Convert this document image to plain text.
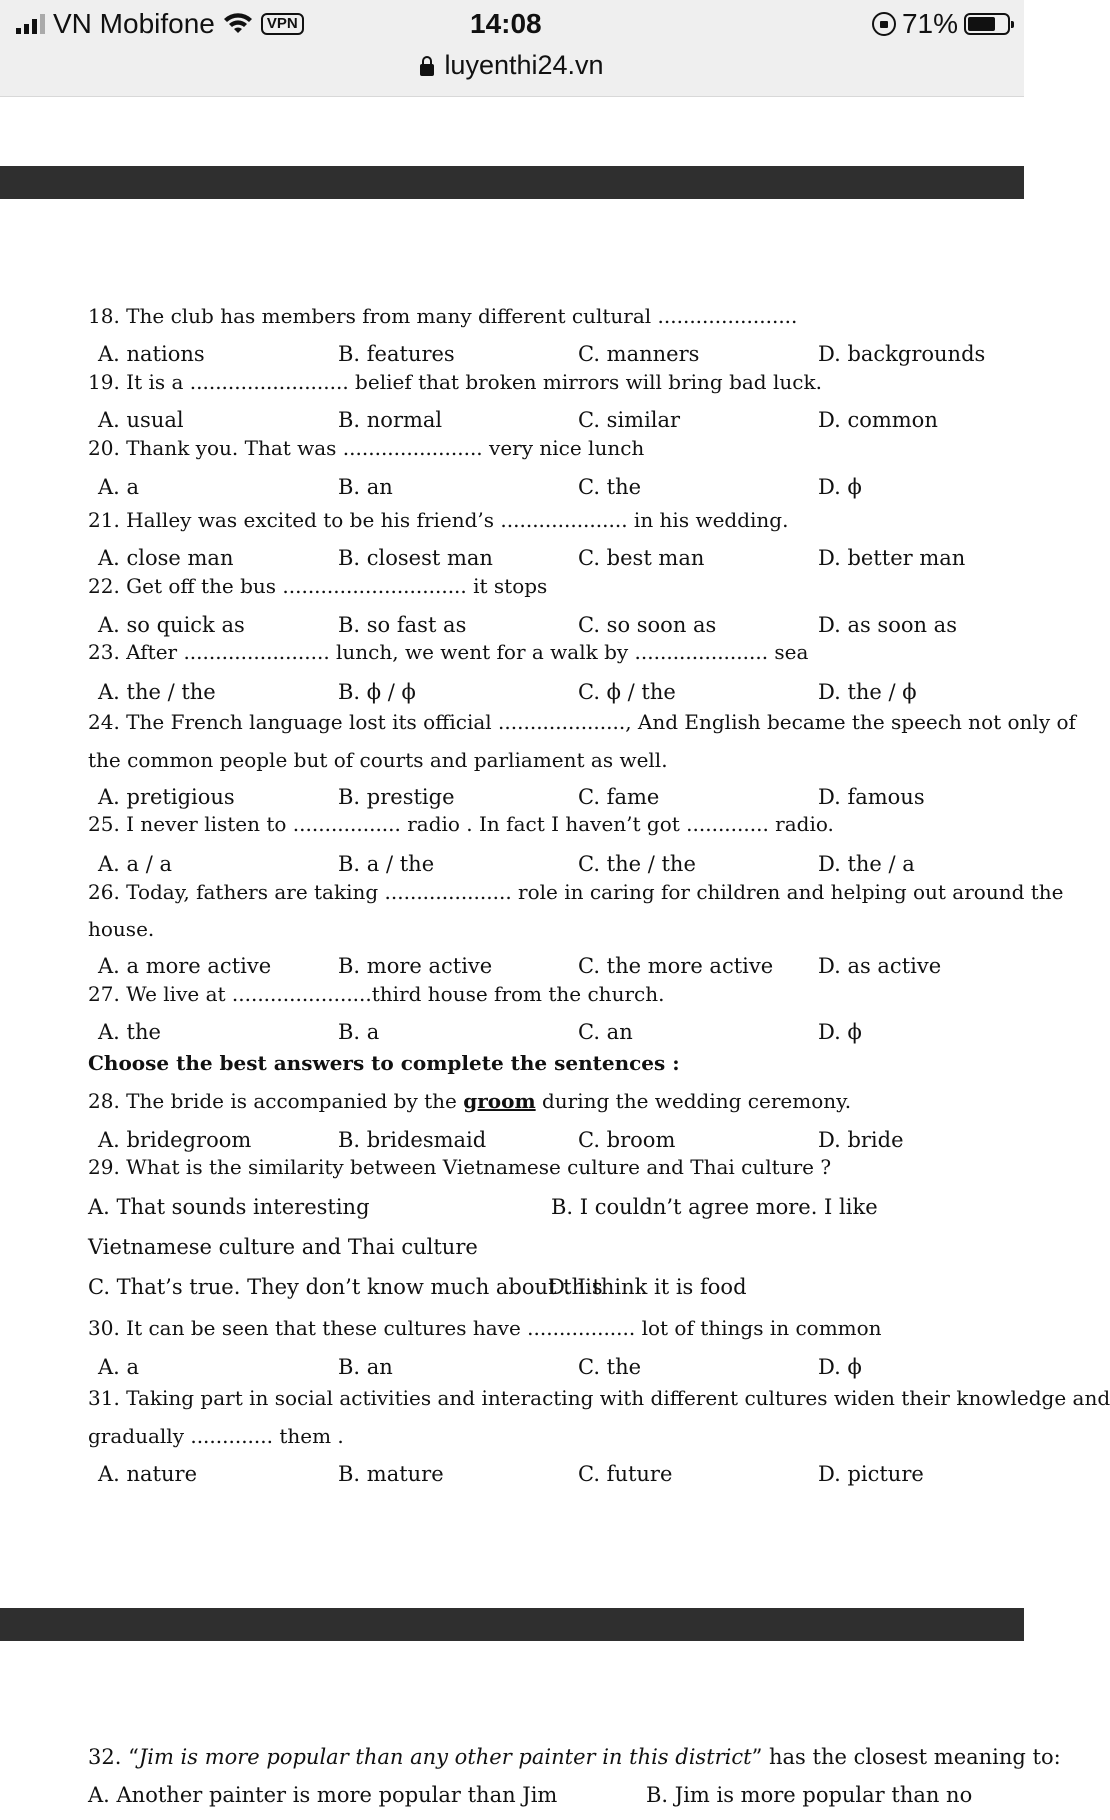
VN Mobifone	VPN	14:08	71%
luyenthi24.vn
18. The club has members from many different cultural ......................
A. nations	B. features	C. manners	D. backgrounds
19. It is a ......................... belief that broken mirrors will bring bad luck.
A. usual	B. normal	C. similar	D. common
20. Thank you. That was ...................... very nice lunch
A. a	B. an	C. the	D. ϕ
21. Halley was excited to be his friend’s .................... in his wedding.
A. close man	B. closest man	C. best man	D. better man
22. Get off the bus ............................. it stops
A. so quick as	B. so fast as	C. so soon as	D. as soon as
23. After ....................... lunch, we went for a walk by ..................... sea
A. the / the	B. ϕ / ϕ	C. ϕ / the	D. the / ϕ
24. The French language lost its official ...................., And English became the speech not only of
the common people but of courts and parliament as well.
A. pretigious	B. prestige	C. fame	D. famous
25. I never listen to ................. radio . In fact I haven’t got ............. radio.
A. a / a	B. a / the	C. the / the	D. the / a
26. Today, fathers are taking .................... role in caring for children and helping out around the
house.
A. a more active	B. more active	C. the more active D. as active
27. We live at ......................third house from the church.
A. the	B. a	C. an	D. ϕ
Choose the best answers to complete the sentences :
28. The bride is accompanied by the groom during the wedding ceremony.
A. bridegroom	B. bridesmaid	C. broom	D. bride
29. What is the similarity between Vietnamese culture and Thai culture ?
A. That sounds interesting	B. I couldn’t agree more. I like
Vietnamese culture and Thai culture
C. That’s true. They don’t know much about this
D. I think it is food
30. It can be seen that these cultures have ................. lot of things in common
A. a	B. an	C. the	D. ϕ
31. Taking part in social activities and interacting with different cultures widen their knowledge and
gradually ............. them .
A. nature	B. mature	C. future	D. picture
32. “Jim is more popular than any other painter in this district” has the closest meaning to:
A. Another painter is more popular than Jim	B. Jim is more popular than no
